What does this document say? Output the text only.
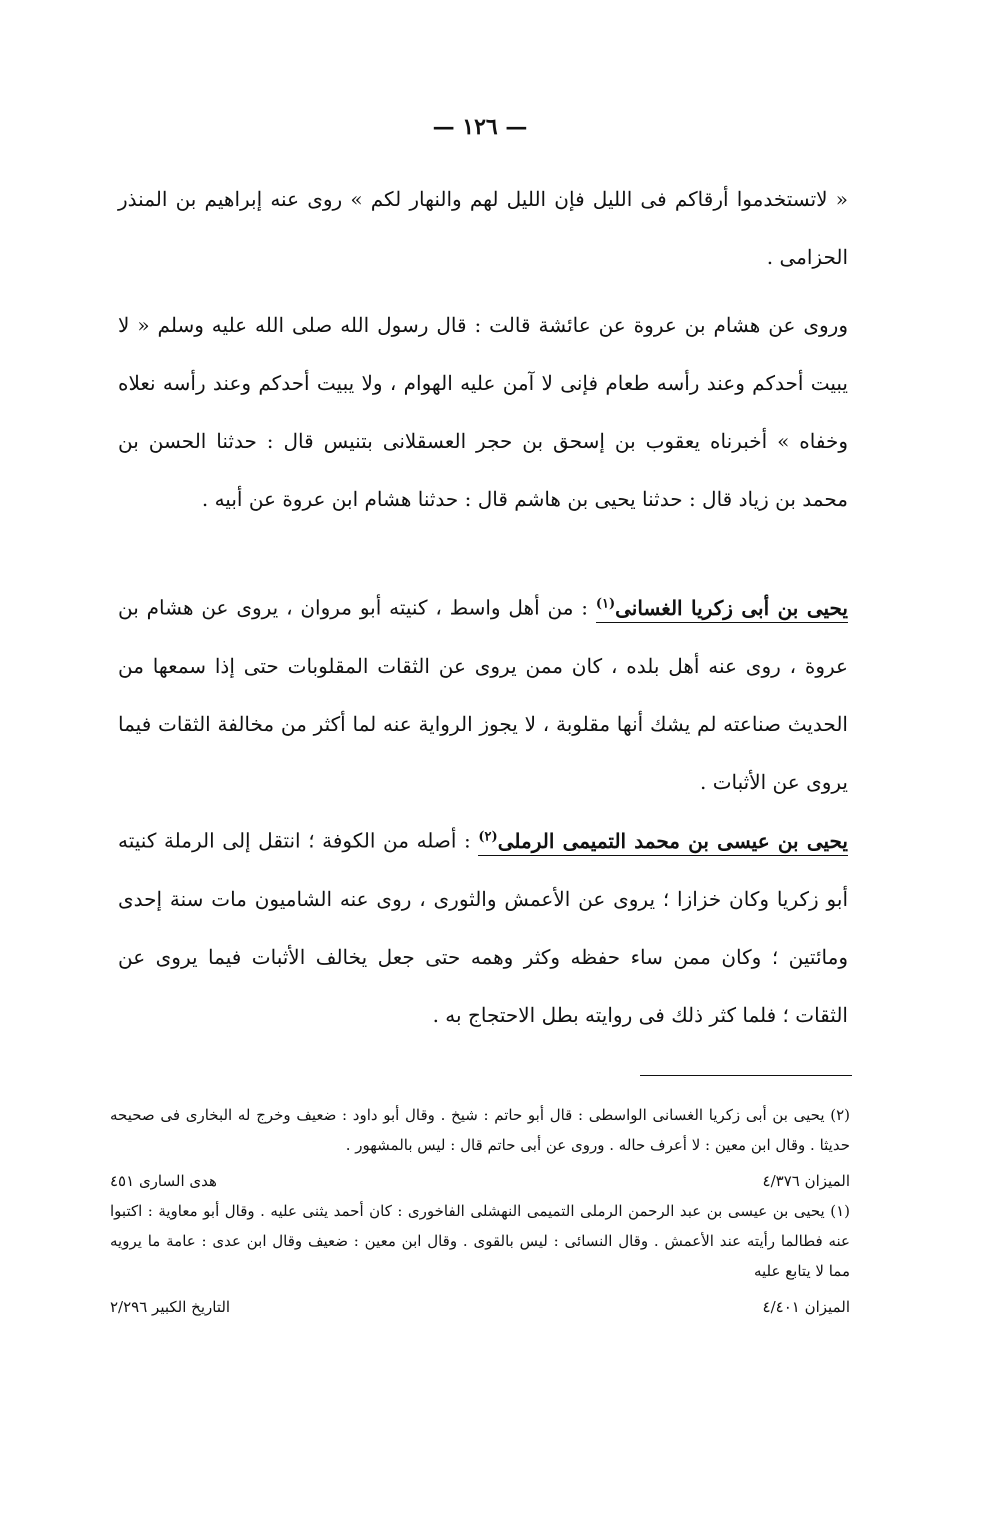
— ١٢٦ —

« لاتستخدموا أرقاكم فى الليل فإن الليل لهم والنهار لكم » روى عنه إبراهيم بن المنذر الحزامى .

وروى عن هشام بن عروة عن عائشة قالت : قال رسول الله صلى الله عليه وسلم « لا يبيت أحدكم وعند رأسه طعام فإنى لا آمن عليه الهوام ، ولا يبيت أحدكم وعند رأسه نعلاه وخفاه » أخبرناه يعقوب بن إسحق بن حجر العسقلانى بتنيس قال : حدثنا الحسن بن محمد بن زياد قال : حدثنا يحيى بن هاشم قال : حدثنا هشام ابن عروة عن أبيه .

يحيى بن أبى زكريا الغسانى$^{(١)}$ : من أهل واسط ، كنيته أبو مروان ، يروى عن هشام بن عروة ، روى عنه أهل بلده ، كان ممن يروى عن الثقات المقلوبات حتى إذا سمعها من الحديث صناعته لم يشك أنها مقلوبة ، لا يجوز الرواية عنه لما أكثر من مخالفة الثقات فيما يروى عن الأثبات .

يحيى بن عيسى بن محمد التميمى الرملى$^{(٢)}$ : أصله من الكوفة ؛ انتقل إلى الرملة كنيته أبو زكريا وكان خزازا ؛ يروى عن الأعمش والثورى ، روى عنه الشاميون مات سنة إحدى ومائتين ؛ وكان ممن ساء حفظه وكثر وهمه حتى جعل يخالف الأثبات فيما يروى عن الثقات ؛ فلما كثر ذلك فى روايته بطل الاحتجاج به .

(٢) يحيى بن أبى زكريا الغسانى الواسطى : قال أبو حاتم : شيخ . وقال أبو داود : ضعيف وخرج له البخارى فى صحيحه حديثا . وقال ابن معين : لا أعرف حاله . وروى عن أبى حاتم قال : ليس بالمشهور .

الميزان ٤/٣٧٦
هدى السارى ٤٥١

(١) يحيى بن عيسى بن عبد الرحمن الرملى التميمى النهشلى الفاخورى : كان أحمد يثنى عليه . وقال أبو معاوية : اكتبوا عنه فطالما رأيته عند الأعمش . وقال النسائى : ليس بالقوى . وقال ابن معين : ضعيف وقال ابن عدى : عامة ما يرويه مما لا يتابع عليه

الميزان ٤/٤٠١
التاريخ الكبير ٢/٢٩٦
